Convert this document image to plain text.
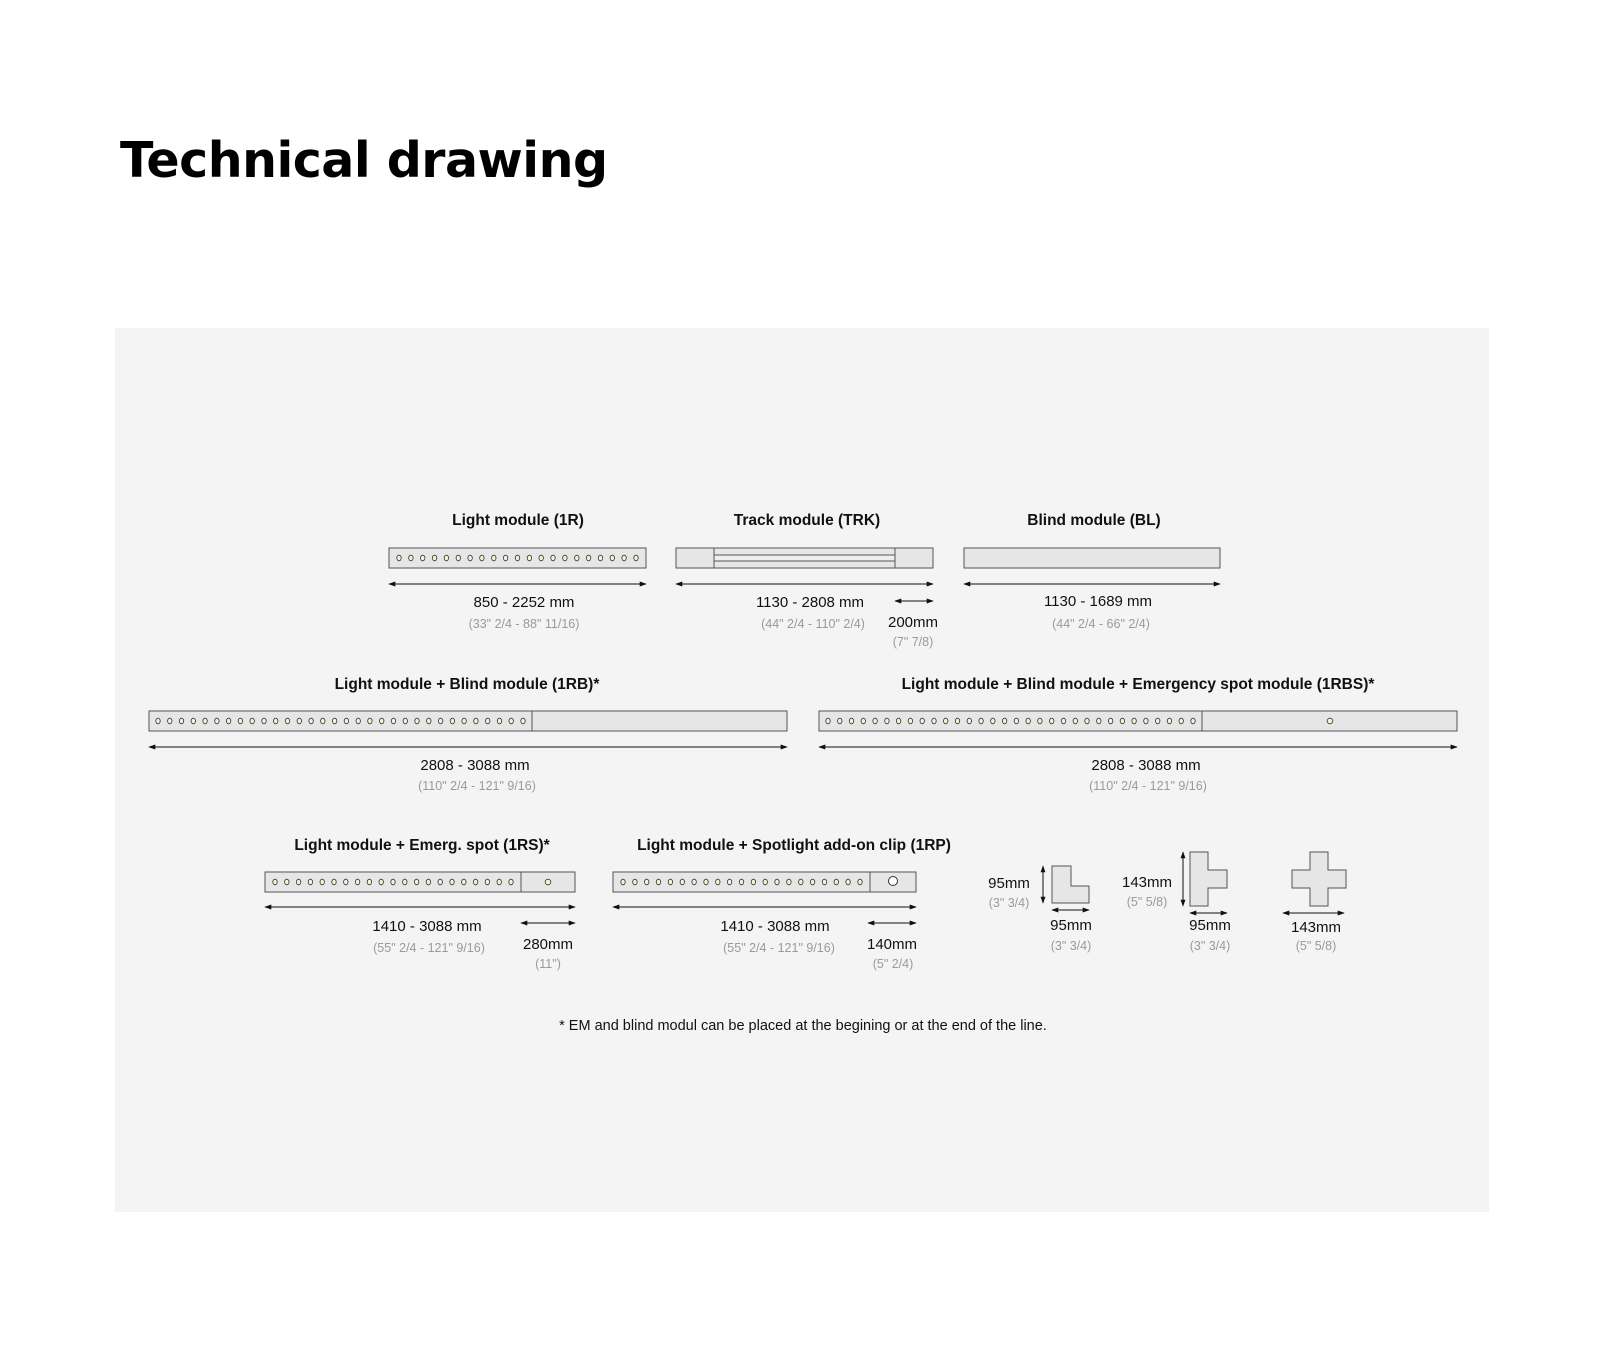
Technical drawing
Light module (1R)
850 - 2252 mm
(33" 2/4 - 88" 11/16)
Track module (TRK)
1130 - 2808 mm
(44" 2/4 - 110" 2/4) 200mm
(7" 7/8)
Blind module (BL)
1130 - 1689 mm
(44" 2/4 - 66" 2/4)
Light module + Blind module (1RB)*
2808 - 3088 mm
(110" 2/4 - 121" 9/16)
Light module + Blind module + Emergency spot module (1RBS)*
2808 - 3088 mm
(110" 2/4 - 121" 9/16)
Light module + Emerg. spot (1RS)*
1410 - 3088 mm
(55" 2/4 - 121" 9/16)	280mm
(11")
Light module + Spotlight add-on clip (1RP)
1410 - 3088 mm
(55" 2/4 - 121" 9/16) 140mm
(5" 2/4)
95mm
(3" 3/4)
95mm
(3" 3/4)
143mm
(5" 5/8)
95mm
(3" 3/4)
143mm
(5" 5/8)
* EM and blind modul can be placed at the begining or at the end of the line.
